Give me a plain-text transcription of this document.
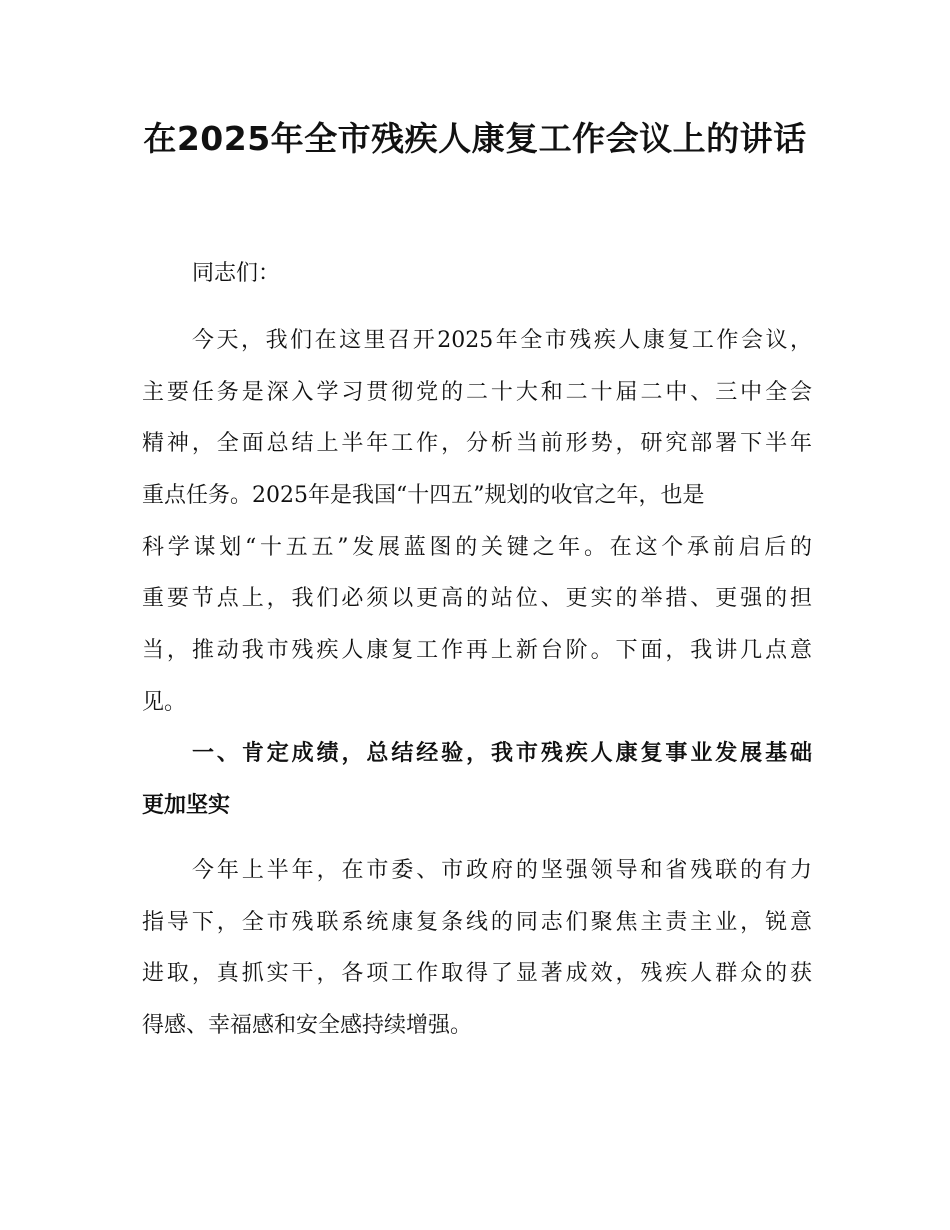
在2025年全市残疾人康复工作会议上的讲话

同志们：

今天，我们在这里召开2025年全市残疾人康复工作会议，
主要任务是深入学习贯彻党的二十大和二十届二中、三中全会
精神，全面总结上半年工作，分析当前形势，研究部署下半年
重点任务。2025年是我国“十四五”规划的收官之年，也是
科学谋划“十五五”发展蓝图的关键之年。在这个承前启后的
重要节点上，我们必须以更高的站位、更实的举措、更强的担
当，推动我市残疾人康复工作再上新台阶。下面，我讲几点意
见。
一、肯定成绩，总结经验，我市残疾人康复事业发展基础
更加坚实
今年上半年，在市委、市政府的坚强领导和省残联的有力
指导下，全市残联系统康复条线的同志们聚焦主责主业，锐意
进取，真抓实干，各项工作取得了显著成效，残疾人群众的获
得感、幸福感和安全感持续增强。
